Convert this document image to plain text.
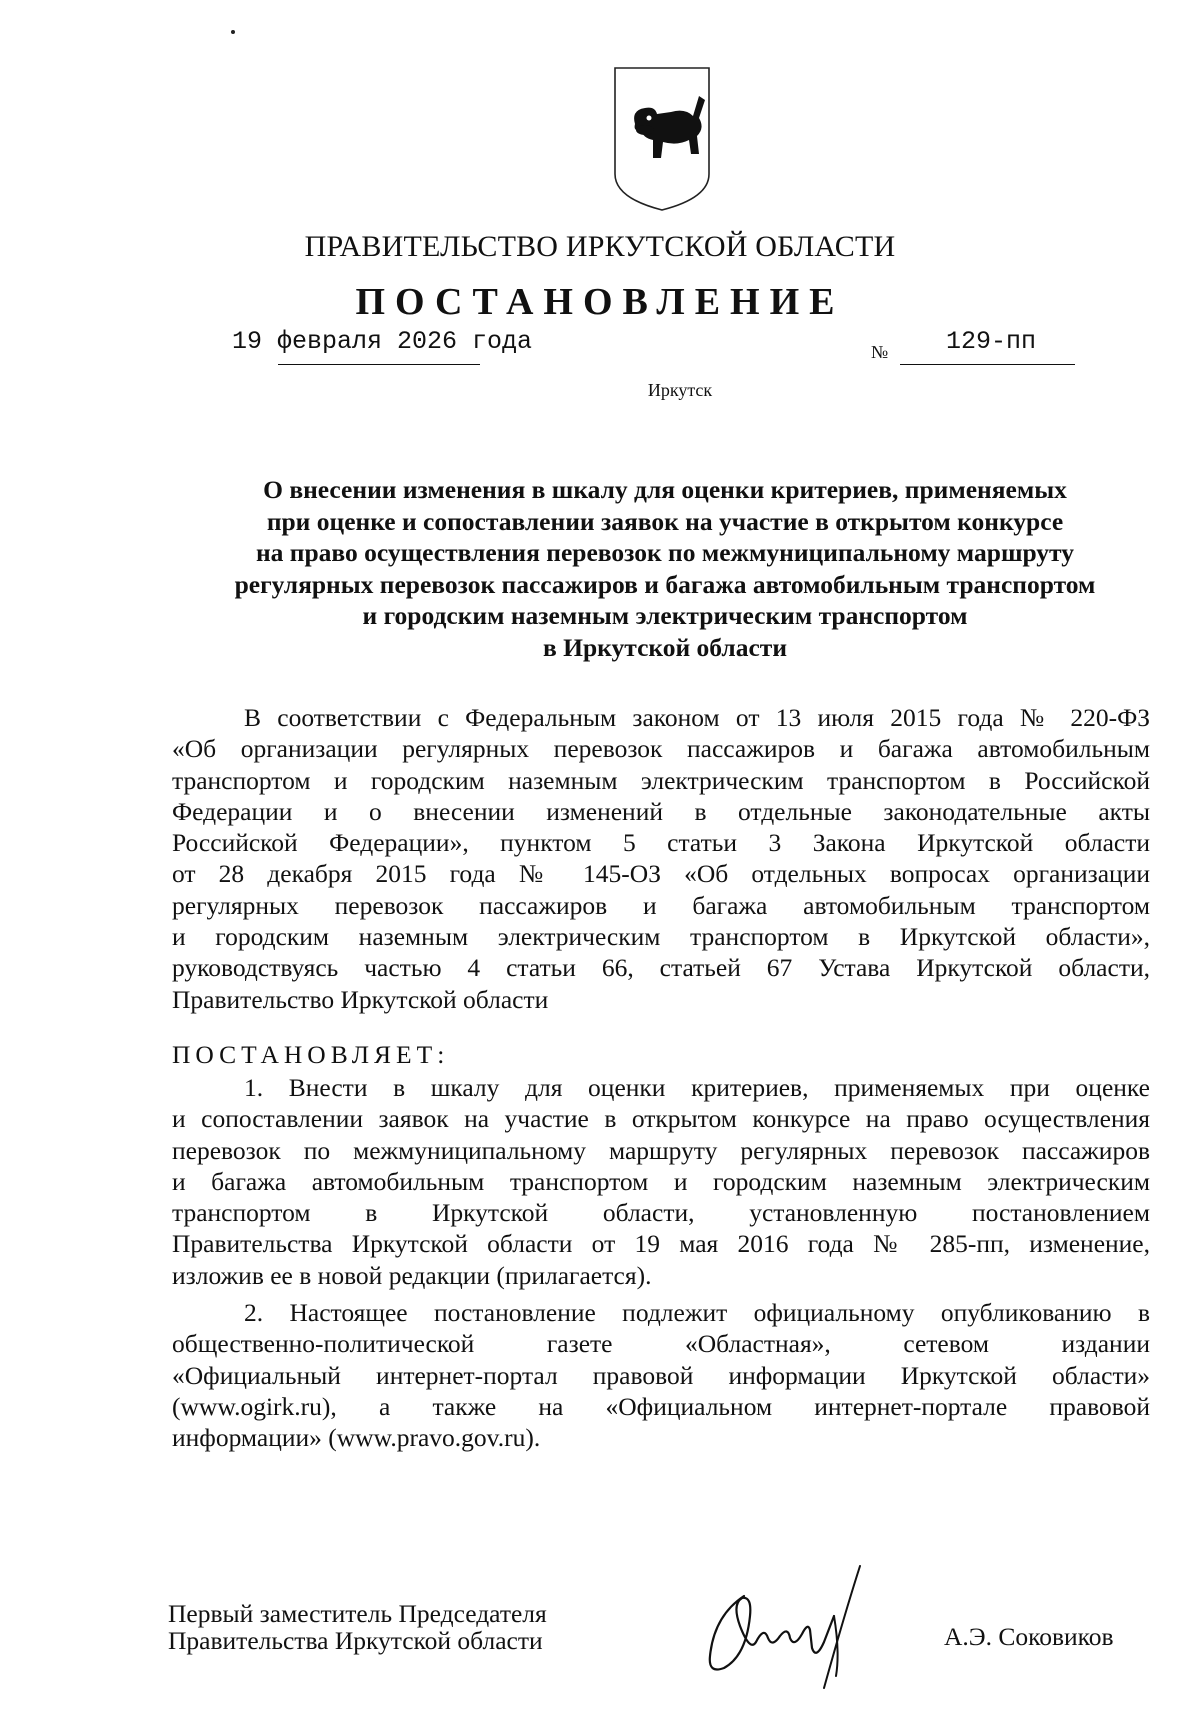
ПРАВИТЕЛЬСТВО ИРКУТСКОЙ ОБЛАСТИ
ПОСТАНОВЛЕНИЕ
19 февраля 2026 года	№ 129-пп
Иркутск
О внесении изменения в шкалу для оценки критериев, применяемых
при оценке и сопоставлении заявок на участие в открытом конкурсе
на право осуществления перевозок по межмуниципальному маршруту
регулярных перевозок пассажиров и багажа автомобильным транспортом
и городским наземным электрическим транспортом
в Иркутской области
В соответствии с Федеральным законом от 13 июля 2015 года № 220-ФЗ
«Об организации регулярных перевозок пассажиров и багажа автомобильным
транспортом и городским наземным электрическим транспортом в Российской
Федерации и о внесении изменений в отдельные законодательные акты
Российской Федерации», пунктом 5 статьи 3 Закона Иркутской области
от 28 декабря 2015 года № 145-ОЗ «Об отдельных вопросах организации
регулярных перевозок пассажиров и багажа автомобильным транспортом
и городским наземным электрическим транспортом в Иркутской области»,
руководствуясь частью 4 статьи 66, статьей 67 Устава Иркутской области,
Правительство Иркутской области
ПОСТАНОВЛЯЕТ:
1. Внести в шкалу для оценки критериев, применяемых при оценке
и сопоставлении заявок на участие в открытом конкурсе на право осуществления
перевозок по межмуниципальному маршруту регулярных перевозок пассажиров
и багажа автомобильным транспортом и городским наземным электрическим
транспортом в Иркутской области, установленную постановлением
Правительства Иркутской области от 19 мая 2016 года № 285-пп, изменение,
изложив ее в новой редакции (прилагается).
2. Настоящее постановление подлежит официальному опубликованию в
общественно-политической газете «Областная», сетевом издании
«Официальный интернет-портал правовой информации Иркутской области»
(www.ogirk.ru), а также на «Официальном интернет-портале правовой
информации» (www.pravo.gov.ru).
Первый заместитель Председателя
Правительства Иркутской области	А.Э. Соковиков
